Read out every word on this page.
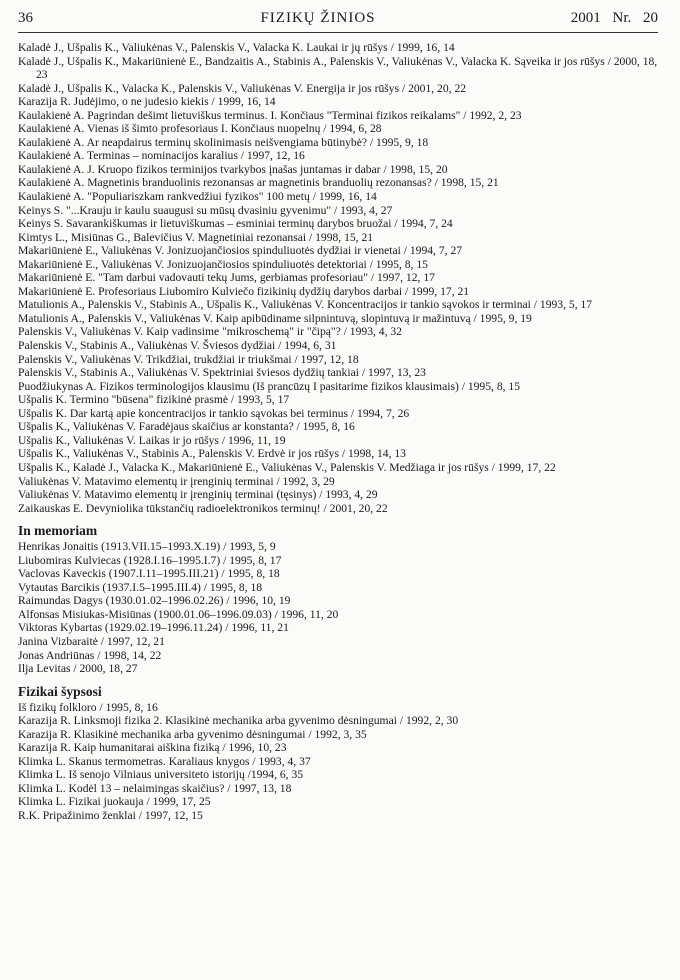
36	FIZIKŲ ŽINIOS	2001 Nr. 20
Kaladė J., Ušpalis K., Valiukėnas V., Palenskis V., Valacka K. Laukai ir jų rūšys / 1999, 16, 14
Kaladė J., Ušpalis K., Makariūnienė E., Bandzaitis A., Stabinis A., Palenskis V., Valiukėnas V., Valacka K. Sąveika ir jos rūšys / 2000, 18, 23
Kaladė J., Ušpalis K., Valacka K., Palenskis V., Valiukėnas V. Energija ir jos rūšys / 2001, 20, 22
Karazija R. Judėjimo, o ne judesio kiekis / 1999, 16, 14
Kaulakienė A. Pagrindan dešimt lietuviškus terminus. I. Končiaus "Terminai fizikos reikalams" / 1992, 2, 23
Kaulakienė A. Vienas iš šimto profesoriaus I. Končiaus nuopelnų / 1994, 6, 28
Kaulakienė A. Ar neapdairus terminų skolinimasis neišvengiama būtinybė? / 1995, 9, 18
Kaulakienė A. Terminas – nominacijos karalius / 1997, 12, 16
Kaulakienė A. J. Kruopo fizikos terminijos tvarkybos įnašas juntamas ir dabar / 1998, 15, 20
Kaulakienė A. Magnetinis branduolinis rezonansas ar magnetinis branduolių rezonansas? / 1998, 15, 21
Kaulakienė A. "Populiariszkam rankvedžiui fyzikos" 100 metų / 1999, 16, 14
Keinys S. "...Krauju ir kaulu suaugusi su mūsų dvasiniu gyvenimu" / 1993, 4, 27
Keinys S. Savarankiškumas ir lietuviškumas – esminiai terminų darybos bruožai / 1994, 7, 24
Kimtys L., Misiūnas G., Balevičius V. Magnetiniai rezonansai / 1998, 15, 21
Makariūnienė E., Valiukėnas V. Jonizuojančiosios spinduliuotės dydžiai ir vienetai / 1994, 7, 27
Makariūnienė E., Valiukėnas V. Jonizuojančiosios spinduliuotės detektoriai / 1995, 8, 15
Makariūnienė E. "Tam darbui vadovauti tekų Jums, gerbiamas profesoriau" / 1997, 12, 17
Makariūnienė E. Profesoriaus Liubomiro Kulviečo fizikinių dydžių darybos darbai / 1999, 17, 21
Matulionis A., Palenskis V., Stabinis A., Ušpalis K., Valiukėnas V. Koncentracijos ir tankio sąvokos ir terminai / 1993, 5, 17
Matulionis A., Palenskis V., Valiukėnas V. Kaip apibūdiname silpnintuvą, slopintuvą ir mažintuvą / 1995, 9, 19
Palenskis V., Valiukėnas V. Kaip vadinsime "mikroschemą" ir "čipą"? / 1993, 4, 32
Palenskis V., Stabinis A., Valiukėnas V. Šviesos dydžiai / 1994, 6, 31
Palenskis V., Valiukėnas V. Trikdžiai, trukdžiai ir triukšmai / 1997, 12, 18
Palenskis V., Stabinis A., Valiukėnas V. Spektriniai šviesos dydžių tankiai / 1997, 13, 23
Puodžiukynas A. Fizikos terminologijos klausimu (Iš prancūzų I pasitarime fizikos klausimais) / 1995, 8, 15
Ušpalis K. Termino "būsena" fizikinė prasmė / 1993, 5, 17
Ušpalis K. Dar kartą apie koncentracijos ir tankio sąvokas bei terminus / 1994, 7, 26
Ušpalis K., Valiukėnas V. Faradėjaus skaičius ar konstanta? / 1995, 8, 16
Ušpalis K., Valiukėnas V. Laikas ir jo rūšys / 1996, 11, 19
Ušpalis K., Valiukėnas V., Stabinis A., Palenskis V. Erdvė ir jos rūšys / 1998, 14, 13
Ušpalis K., Kaladė J., Valacka K., Makariūnienė E., Valiukėnas V., Palenskis V. Medžiaga ir jos rūšys / 1999, 17, 22
Valiukėnas V. Matavimo elementų ir įrenginių terminai / 1992, 3, 29
Valiukėnas V. Matavimo elementų ir įrenginių terminai (tęsinys) / 1993, 4, 29
Zaikauskas E. Devyniolika tūkstančių radioelektronikos terminų! / 2001, 20, 22
In memoriam
Henrikas Jonaitis (1913.VII.15–1993.X.19) / 1993, 5, 9
Liubomiras Kulviecas (1928.I.16–1995.I.7) / 1995, 8, 17
Vaclovas Kaveckis (1907.I.11–1995.III.21) / 1995, 8, 18
Vytautas Barcikis (1937.I.5–1995.III.4) / 1995, 8, 18
Raimundas Dagys (1930.01.02–1996.02.26) / 1996, 10, 19
Alfonsas Misiukas-Misiūnas (1900.01.06–1996.09.03) / 1996, 11, 20
Viktoras Kybartas (1929.02.19–1996.11.24) / 1996, 11, 21
Janina Vizbaraitė / 1997, 12, 21
Jonas Andriūnas / 1998, 14, 22
Ilja Levitas / 2000, 18, 27
Fizikai šypsosi
Iš fizikų folkloro / 1995, 8, 16
Karazija R. Linksmoji fizika 2. Klasikinė mechanika arba gyvenimo dėsningumai / 1992, 2, 30
Karazija R. Klasikinė mechanika arba gyvenimo dėsningumai / 1992, 3, 35
Karazija R. Kaip humanitarai aiškina fiziką / 1996, 10, 23
Klimka L. Skanus termometras. Karaliaus knygos / 1993, 4, 37
Klimka L. Iš senojo Vilniaus universiteto istorijų /1994, 6, 35
Klimka L. Kodėl 13 – nelaimingas skaičius? / 1997, 13, 18
Klimka L. Fizikai juokauja / 1999, 17, 25
R.K. Pripažinimo ženklai / 1997, 12, 15
